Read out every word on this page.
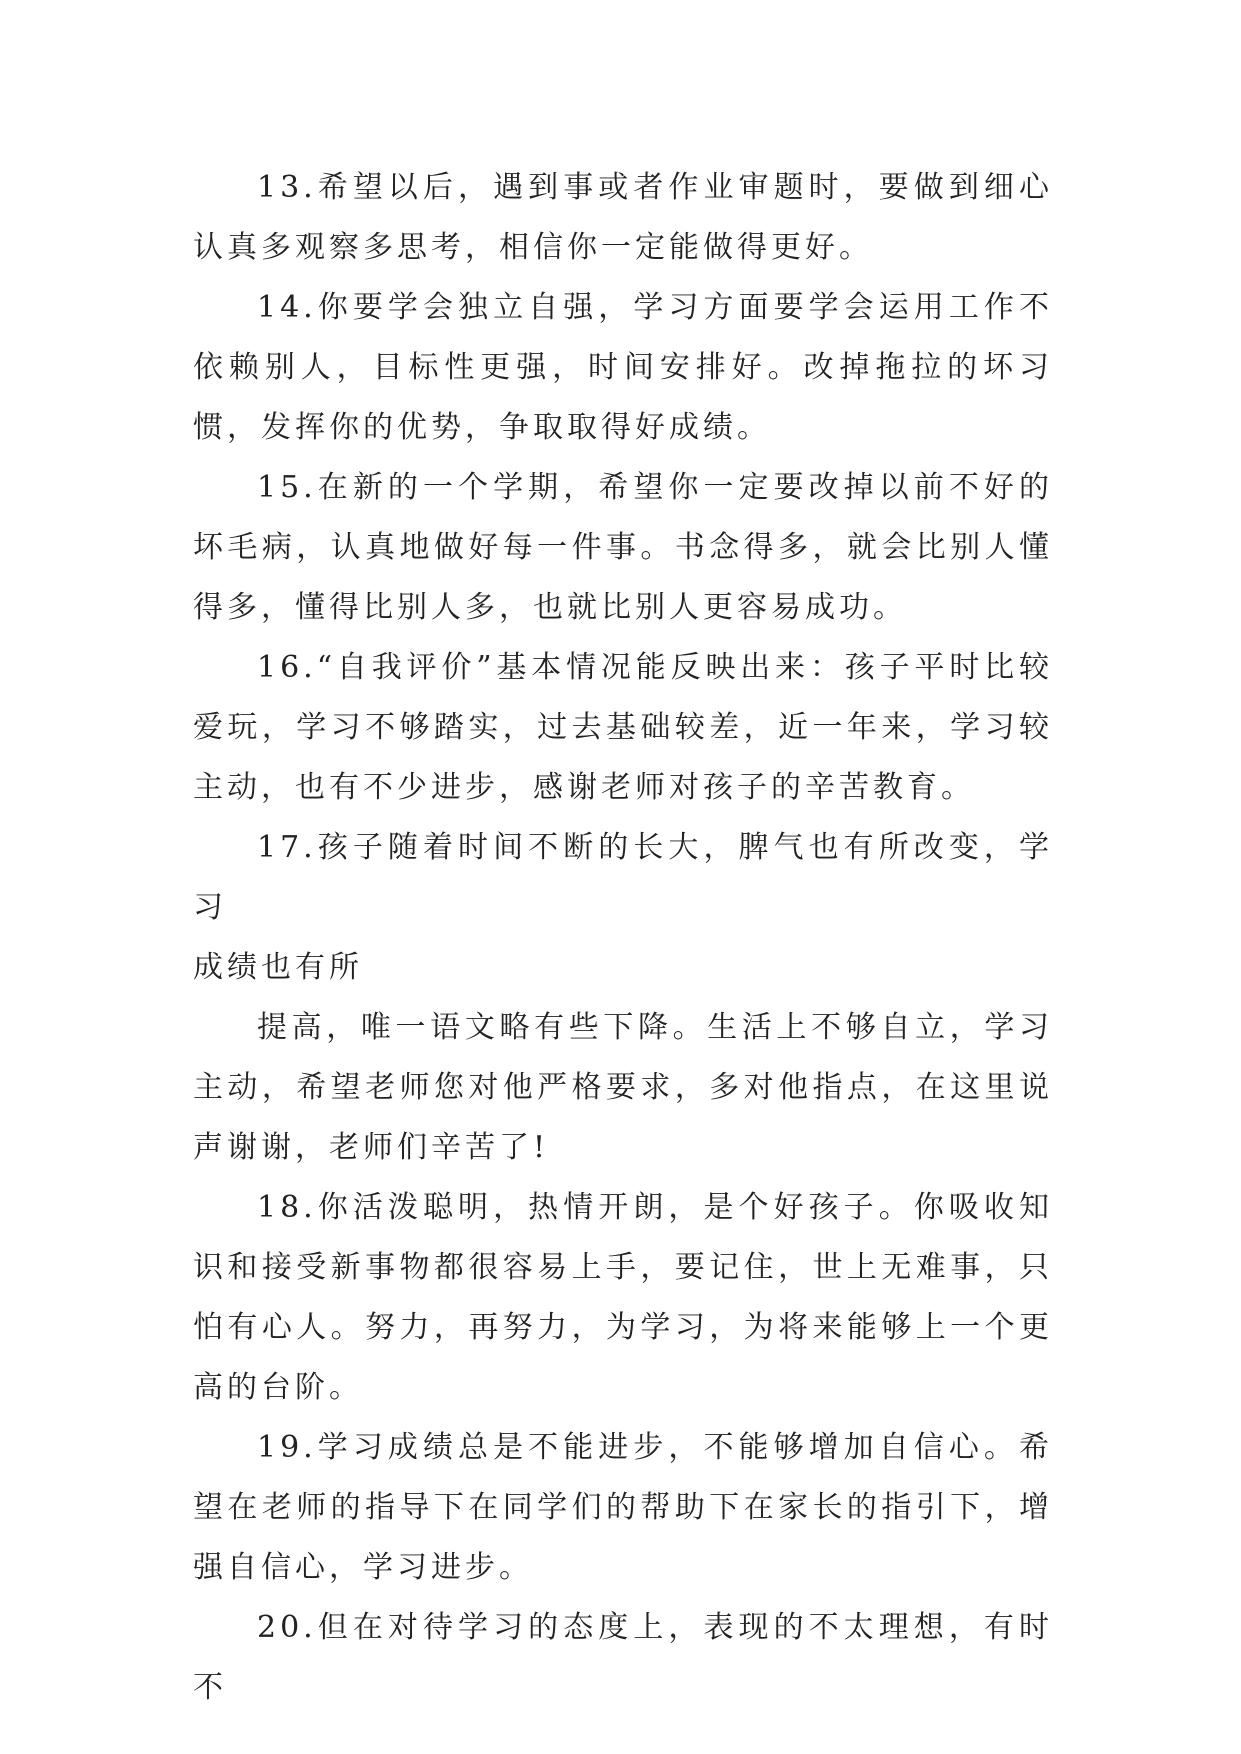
13.希望以后，遇到事或者作业审题时，要做到细心认真多观察多思考，相信你一定能做得更好。

14.你要学会独立自强，学习方面要学会运用工作不依赖别人，目标性更强，时间安排好。改掉拖拉的坏习惯，发挥你的优势，争取取得好成绩。

15.在新的一个学期，希望你一定要改掉以前不好的坏毛病，认真地做好每一件事。书念得多，就会比别人懂得多，懂得比别人多，也就比别人更容易成功。

16.“自我评价”基本情况能反映出来：孩子平时比较爱玩，学习不够踏实，过去基础较差，近一年来，学习较主动，也有不少进步，感谢老师对孩子的辛苦教育。

17.孩子随着时间不断的长大，脾气也有所改变，学习
成绩也有所

提高，唯一语文略有些下降。生活上不够自立，学习主动，希望老师您对他严格要求，多对他指点，在这里说声谢谢，老师们辛苦了!

18.你活泼聪明，热情开朗，是个好孩子。你吸收知识和接受新事物都很容易上手，要记住，世上无难事，只怕有心人。努力，再努力，为学习，为将来能够上一个更高的台阶。

19.学习成绩总是不能进步，不能够增加自信心。希望在老师的指导下在同学们的帮助下在家长的指引下，增强自信心，学习进步。

20.但在对待学习的态度上，表现的不太理想，有时不
